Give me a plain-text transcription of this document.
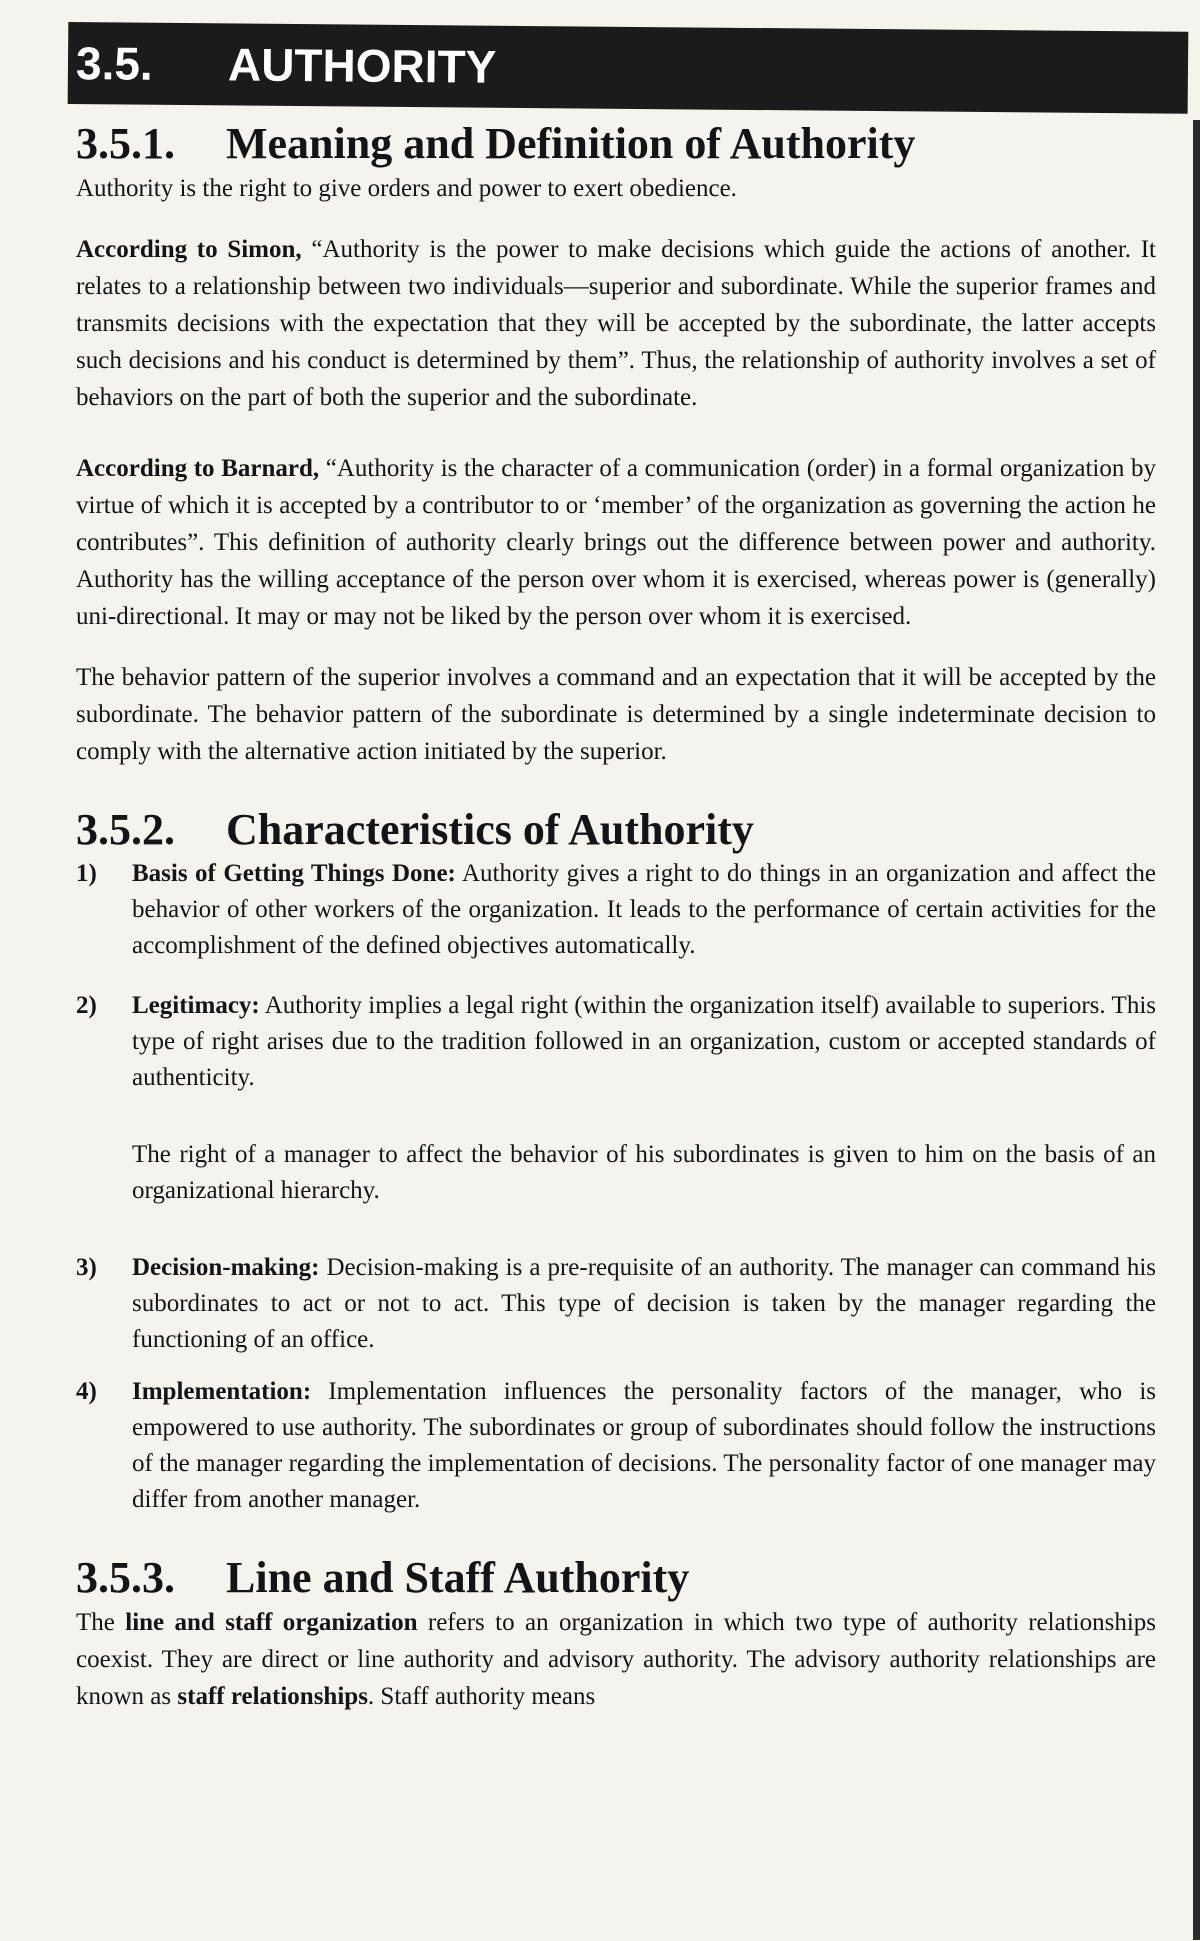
3.5. AUTHORITY
3.5.1. Meaning and Definition of Authority

Authority is the right to give orders and power to exert obedience.

According to Simon, “Authority is the power to make decisions which guide the actions of another. It relates to a relationship between two individuals—superior and subordinate. While the superior frames and transmits decisions with the expectation that they will be accepted by the subordinate, the latter accepts such decisions and his conduct is determined by them”. Thus, the relationship of authority involves a set of behaviors on the part of both the superior and the subordinate.

According to Barnard, “Authority is the character of a communication (order) in a formal organization by virtue of which it is accepted by a contributor to or ‘member’ of the organization as governing the action he contributes”. This definition of authority clearly brings out the difference between power and authority. Authority has the willing acceptance of the person over whom it is exercised, whereas power is (generally) uni-directional. It may or may not be liked by the person over whom it is exercised.

The behavior pattern of the superior involves a command and an expectation that it will be accepted by the subordinate. The behavior pattern of the subordinate is determined by a single indeterminate decision to comply with the alternative action initiated by the superior.

3.5.2. Characteristics of Authority
1)	Basis of Getting Things Done: Authority gives a right to do things in an organization and affect the behavior of other workers of the organization. It leads to the performance of certain activities for the accomplishment of the defined objectives automatically.
2)	Legitimacy: Authority implies a legal right (within the organization itself) available to superiors. This type of right arises due to the tradition followed in an organization, custom or accepted standards of authenticity.

The right of a manager to affect the behavior of his subordinates is given to him on the basis of an organizational hierarchy.

3)	Decision-making: Decision-making is a pre-requisite of an authority. The manager can command his subordinates to act or not to act. This type of decision is taken by the manager regarding the functioning of an office.
4)	Implementation: Implementation influences the personality factors of the manager, who is empowered to use authority. The subordinates or group of subordinates should follow the instructions of the manager regarding the implementation of decisions. The personality factor of one manager may differ from another manager.
3.5.3. Line and Staff Authority

The line and staff organization refers to an organization in which two type of authority relationships coexist. They are direct or line authority and advisory authority. The advisory authority relationships are known as staff relationships. Staff authority means
